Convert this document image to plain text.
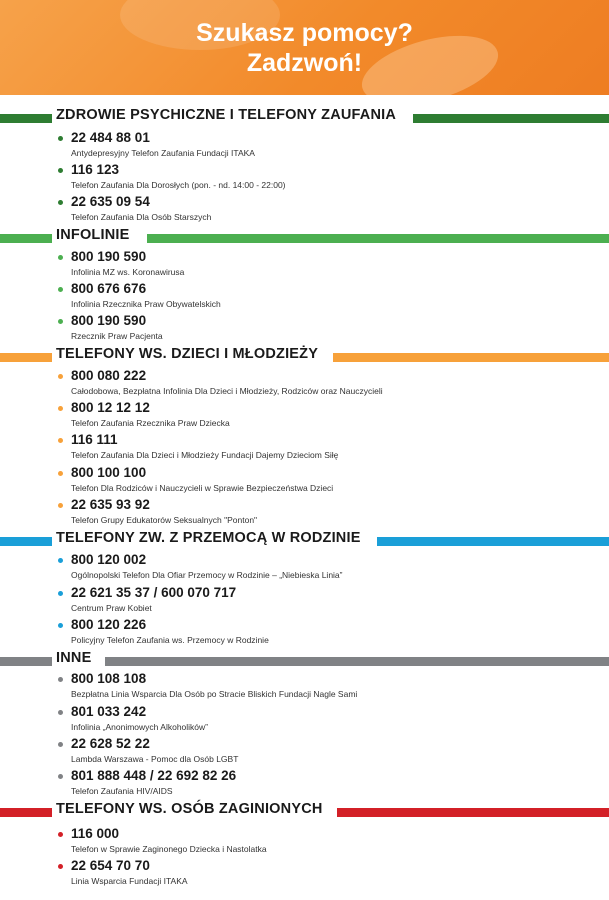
Szukasz pomocy?
Zadzwoń!
ZDROWIE PSYCHICZNE I TELEFONY ZAUFANIA
22 484 88 01
Antydepresyjny Telefon Zaufania Fundacji ITAKA
116 123
Telefon Zaufania Dla Dorosłych (pon. - nd. 14:00 - 22:00)
22 635 09 54
Telefon Zaufania Dla Osób Starszych
INFOLINIE
800 190 590
Infolinia MZ ws. Koronawirusa
800 676 676
Infolinia Rzecznika Praw Obywatelskich
800 190 590
Rzecznik Praw Pacjenta
TELEFONY WS. DZIECI I MŁODZIEŻY
800 080 222
Całodobowa, Bezpłatna Infolinia Dla Dzieci i Młodzieży, Rodziców oraz Nauczycieli
800 12 12 12
Telefon Zaufania Rzecznika Praw Dziecka
116 111
Telefon Zaufania Dla Dzieci i Młodzieży Fundacji Dajemy Dzieciom Siłę
800 100 100
Telefon Dla Rodziców i Nauczycieli w Sprawie Bezpieczeństwa Dzieci
22 635 93 92
Telefon Grupy Edukatorów Seksualnych "Ponton"
TELEFONY ZW. Z PRZEMOCĄ W RODZINIE
800 120 002
Ogólnopolski Telefon Dla Ofiar Przemocy w Rodzinie – „Niebieska Linia”
22 621 35 37 / 600 070 717
Centrum Praw Kobiet
800 120 226
Policyjny Telefon Zaufania ws. Przemocy w Rodzinie
INNE
800 108 108
Bezpłatna Linia Wsparcia Dla Osób po Stracie Bliskich Fundacji Nagle Sami
801 033 242
Infolinia „Anonimowych Alkoholików”
22 628 52 22
Lambda Warszawa - Pomoc dla Osób LGBT
801 888 448 / 22 692 82 26
Telefon Zaufania HIV/AIDS
TELEFONY WS. OSÓB ZAGINIONYCH
116 000
Telefon w Sprawie Zaginonego Dziecka i Nastolatka
22 654 70 70
Linia Wsparcia Fundacji ITAKA
